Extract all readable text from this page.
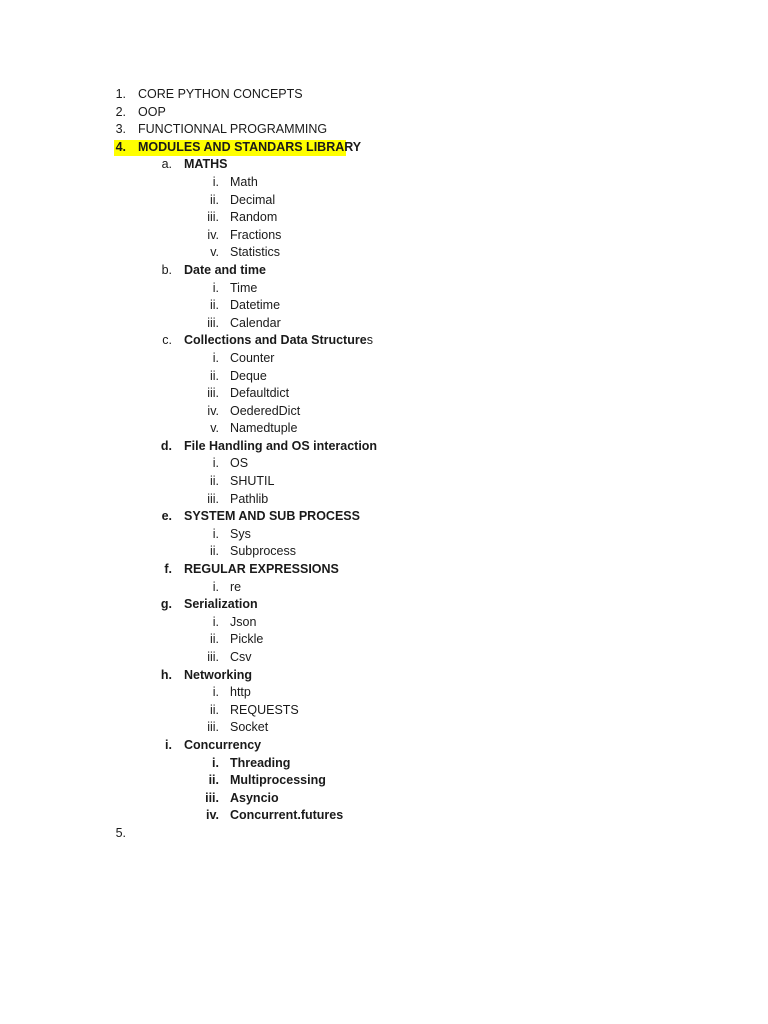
1. CORE PYTHON CONCEPTS
2. OOP
3. FUNCTIONNAL PROGRAMMING
4. MODULES AND STANDARS LIBRARY
a. MATHS
i. Math
ii. Decimal
iii. Random
iv. Fractions
v. Statistics
b. Date and time
i. Time
ii. Datetime
iii. Calendar
c. Collections and Data Structures
i. Counter
ii. Deque
iii. Defaultdict
iv. OederedDict
v. Namedtuple
d. File Handling and OS interaction
i. OS
ii. SHUTIL
iii. Pathlib
e. SYSTEM AND SUB PROCESS
i. Sys
ii. Subprocess
f. REGULAR EXPRESSIONS
i. re
g. Serialization
i. Json
ii. Pickle
iii. Csv
h. Networking
i. http
ii. REQUESTS
iii. Socket
i. Concurrency
i. Threading
ii. Multiprocessing
iii. Asyncio
iv. Concurrent.futures
5.
